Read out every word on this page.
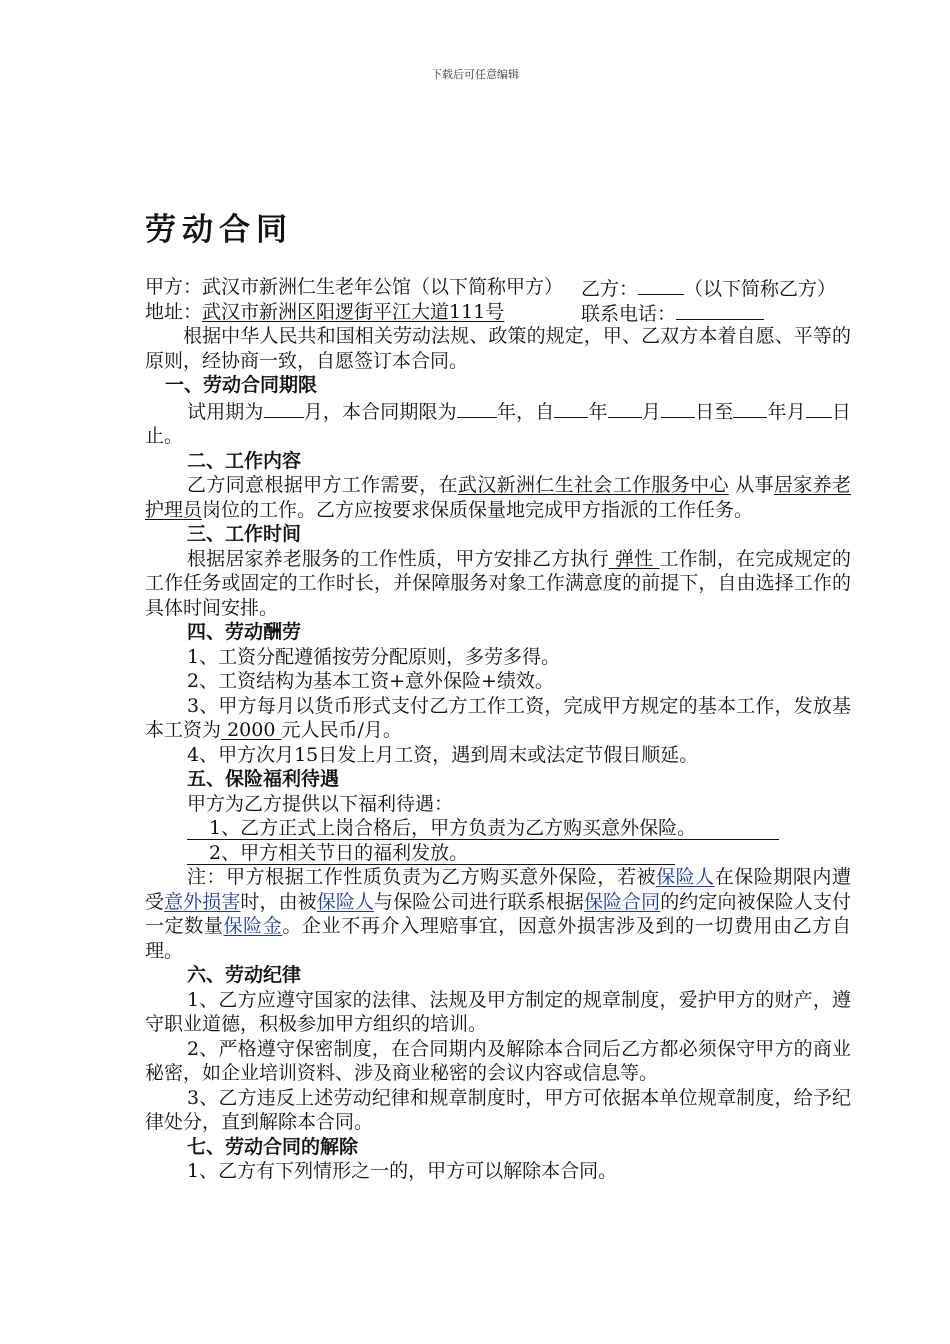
下载后可任意编辑
劳动合同
甲方：武汉市新洲仁生老年公馆（以下简称甲方） 乙方： （以下简称乙方）
地址：武汉市新洲区阳逻街平江大道111号	联系电话：
根据中华人民共和国相关劳动法规、政策的规定，甲、乙双方本着自愿、平等的原则，经协商一致，自愿签订本合同。
一、劳动合同期限
试用期为 月，本合同期限为 年，自 年 月 日至 年月 日止。
二、工作内容
乙方同意根据甲方工作需要，在武汉新洲仁生社会工作服务中心 从事居家养老护理员岗位的工作。乙方应按要求保质保量地完成甲方指派的工作任务。
三、工作时间
根据居家养老服务的工作性质，甲方安排乙方执行 弹性 工作制，在完成规定的工作任务或固定的工作时长，并保障服务对象工作满意度的前提下，自由选择工作的具体时间安排。
四、劳动酬劳
1、工资分配遵循按劳分配原则，多劳多得。
2、工资结构为基本工资+意外保险+绩效。
3、甲方每月以货币形式支付乙方工作工资，完成甲方规定的基本工作，发放基本工资为 2000 元人民币/月。
4、甲方次月15日发上月工资，遇到周末或法定节假日顺延。
五、保险福利待遇
甲方为乙方提供以下福利待遇：
1、乙方正式上岗合格后，甲方负责为乙方购买意外保险。
2、甲方相关节日的福利发放。
注：甲方根据工作性质负责为乙方购买意外保险，若被保险人在保险期限内遭受意外损害时，由被保险人与保险公司进行联系根据保险合同的约定向被保险人支付一定数量保险金。企业不再介入理赔事宜，因意外损害涉及到的一切费用由乙方自理。
六、劳动纪律
1、乙方应遵守国家的法律、法规及甲方制定的规章制度，爱护甲方的财产，遵守职业道德，积极参加甲方组织的培训。
2、严格遵守保密制度，在合同期内及解除本合同后乙方都必须保守甲方的商业秘密，如企业培训资料、涉及商业秘密的会议内容或信息等。
3、乙方违反上述劳动纪律和规章制度时，甲方可依据本单位规章制度，给予纪律处分，直到解除本合同。
七、劳动合同的解除
1、乙方有下列情形之一的，甲方可以解除本合同。
